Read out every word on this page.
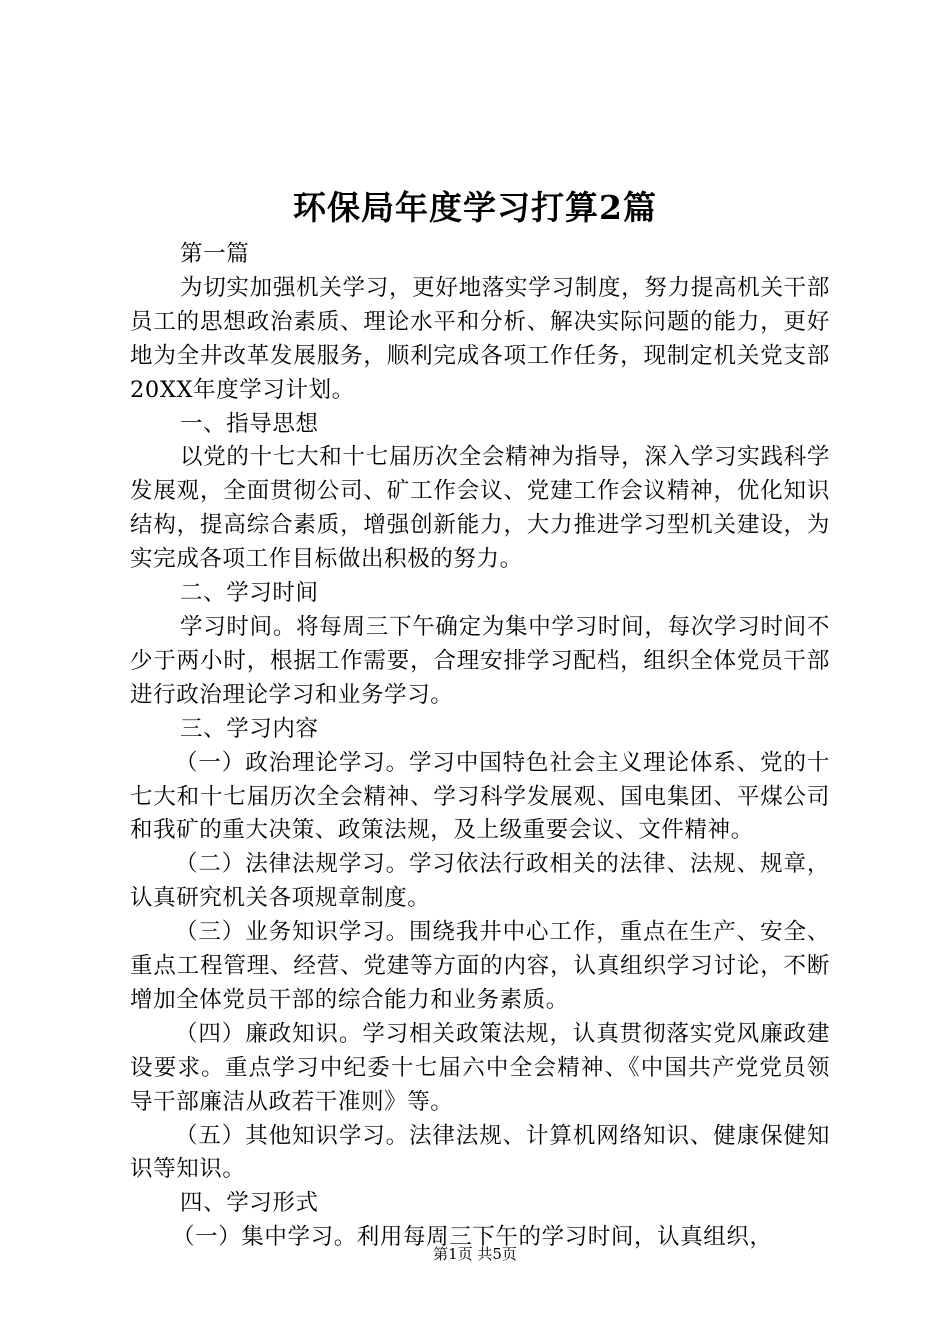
环保局年度学习打算2篇

第一篇

为切实加强机关学习，更好地落实学习制度，努力提高机关干部员工的思想政治素质、理论水平和分析、解决实际问题的能力，更好地为全井改革发展服务，顺利完成各项工作任务，现制定机关党支部20XX年度学习计划。

一、指导思想

以党的十七大和十七届历次全会精神为指导，深入学习实践科学发展观，全面贯彻公司、矿工作会议、党建工作会议精神，优化知识结构，提高综合素质，增强创新能力，大力推进学习型机关建设，为实完成各项工作目标做出积极的努力。

二、学习时间

学习时间。将每周三下午确定为集中学习时间，每次学习时间不少于两小时，根据工作需要，合理安排学习配档，组织全体党员干部进行政治理论学习和业务学习。

三、学习内容

（一）政治理论学习。学习中国特色社会主义理论体系、党的十七大和十七届历次全会精神、学习科学发展观、国电集团、平煤公司和我矿的重大决策、政策法规，及上级重要会议、文件精神。

（二）法律法规学习。学习依法行政相关的法律、法规、规章，认真研究机关各项规章制度。

（三）业务知识学习。围绕我井中心工作，重点在生产、安全、重点工程管理、经营、党建等方面的内容，认真组织学习讨论，不断增加全体党员干部的综合能力和业务素质。

（四）廉政知识。学习相关政策法规，认真贯彻落实党风廉政建设要求。重点学习中纪委十七届六中全会精神、《中国共产党党员领导干部廉洁从政若干准则》等。

（五）其他知识学习。法律法规、计算机网络知识、健康保健知识等知识。

四、学习形式

（一）集中学习。利用每周三下午的学习时间，认真组织，

第1页 共5页
